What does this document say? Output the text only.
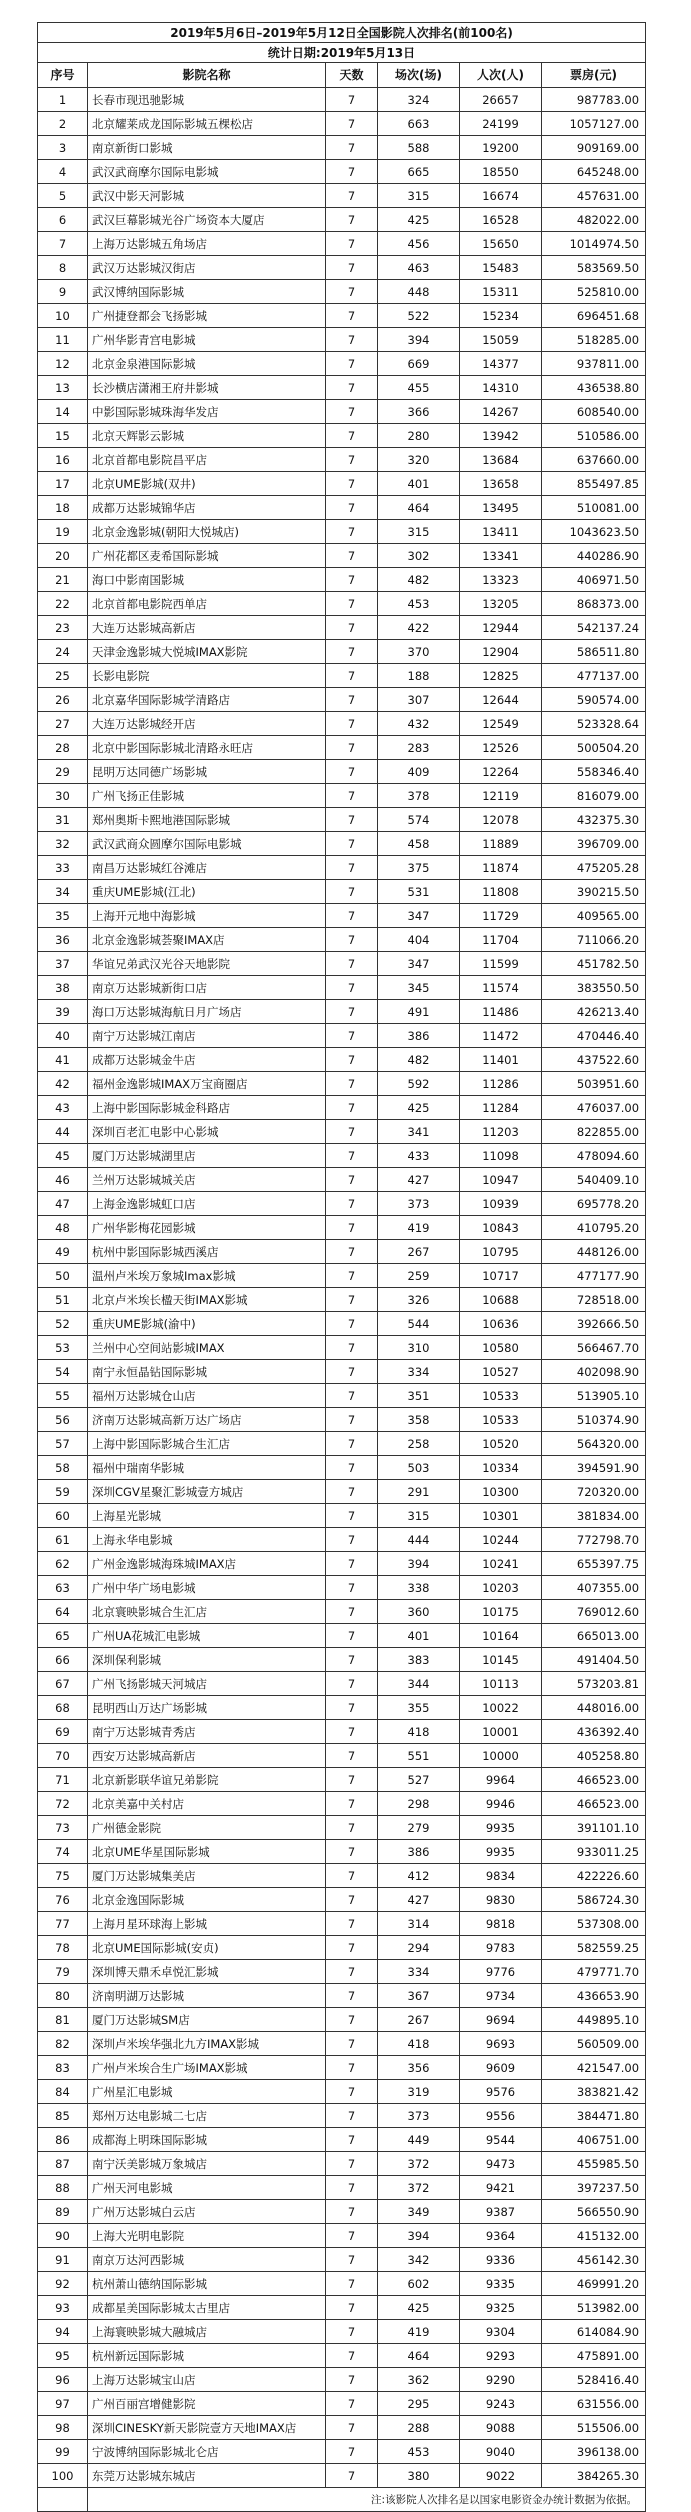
2019年5月6日–2019年5月12日全国影院人次排名(前100名)					
统计日期:2019年5月13日					
序号	影院名称	天数	场次(场)	人次(人)	票房(元)
1	长春市现迅驰影城	7	324	26657	987783.00
2	北京耀莱成龙国际影城五棵松店	7	663	24199	1057127.00
3	南京新街口影城	7	588	19200	909169.00
4	武汉武商摩尔国际电影城	7	665	18550	645248.00
5	武汉中影天河影城	7	315	16674	457631.00
6	武汉巨幕影城光谷广场资本大厦店	7	425	16528	482022.00
7	上海万达影城五角场店	7	456	15650	1014974.50
8	武汉万达影城汉街店	7	463	15483	583569.50
9	武汉博纳国际影城	7	448	15311	525810.00
10	广州捷登都会飞扬影城	7	522	15234	696451.68
11	广州华影青宫电影城	7	394	15059	518285.00
12	北京金泉港国际影城	7	669	14377	937811.00
13	长沙横店潇湘王府井影城	7	455	14310	436538.80
14	中影国际影城珠海华发店	7	366	14267	608540.00
15	北京天辉影云影城	7	280	13942	510586.00
16	北京首都电影院昌平店	7	320	13684	637660.00
17	北京UME影城(双井)	7	401	13658	855497.85
18	成都万达影城锦华店	7	464	13495	510081.00
19	北京金逸影城(朝阳大悦城店)	7	315	13411	1043623.50
20	广州花都区麦希国际影城	7	302	13341	440286.90
21	海口中影南国影城	7	482	13323	406971.50
22	北京首都电影院西单店	7	453	13205	868373.00
23	大连万达影城高新店	7	422	12944	542137.24
24	天津金逸影城大悦城IMAX影院	7	370	12904	586511.80
25	长影电影院	7	188	12825	477137.00
26	北京嘉华国际影城学清路店	7	307	12644	590574.00
27	大连万达影城经开店	7	432	12549	523328.64
28	北京中影国际影城北清路永旺店	7	283	12526	500504.20
29	昆明万达同德广场影城	7	409	12264	558346.40
30	广州飞扬正佳影城	7	378	12119	816079.00
31	郑州奥斯卡熙地港国际影城	7	574	12078	432375.30
32	武汉武商众圆摩尔国际电影城	7	458	11889	396709.00
33	南昌万达影城红谷滩店	7	375	11874	475205.28
34	重庆UME影城(江北)	7	531	11808	390215.50
35	上海开元地中海影城	7	347	11729	409565.00
36	北京金逸影城荟聚IMAX店	7	404	11704	711066.20
37	华谊兄弟武汉光谷天地影院	7	347	11599	451782.50
38	南京万达影城新街口店	7	345	11574	383550.50
39	海口万达影城海航日月广场店	7	491	11486	426213.40
40	南宁万达影城江南店	7	386	11472	470446.40
41	成都万达影城金牛店	7	482	11401	437522.60
42	福州金逸影城IMAX万宝商圈店	7	592	11286	503951.60
43	上海中影国际影城金科路店	7	425	11284	476037.00
44	深圳百老汇电影中心影城	7	341	11203	822855.00
45	厦门万达影城湖里店	7	433	11098	478094.60
46	兰州万达影城城关店	7	427	10947	540409.10
47	上海金逸影城虹口店	7	373	10939	695778.20
48	广州华影梅花园影城	7	419	10843	410795.20
49	杭州中影国际影城西溪店	7	267	10795	448126.00
50	温州卢米埃万象城Imax影城	7	259	10717	477177.90
51	北京卢米埃长楹天街IMAX影城	7	326	10688	728518.00
52	重庆UME影城(渝中)	7	544	10636	392666.50
53	兰州中心空间站影城IMAX	7	310	10580	566467.70
54	南宁永恒晶钻国际影城	7	334	10527	402098.90
55	福州万达影城仓山店	7	351	10533	513905.10
56	济南万达影城高新万达广场店	7	358	10533	510374.90
57	上海中影国际影城合生汇店	7	258	10520	564320.00
58	福州中瑞南华影城	7	503	10334	394591.90
59	深圳CGV星聚汇影城壹方城店	7	291	10300	720320.00
60	上海星光影城	7	315	10301	381834.00
61	上海永华电影城	7	444	10244	772798.70
62	广州金逸影城海珠城IMAX店	7	394	10241	655397.75
63	广州中华广场电影城	7	338	10203	407355.00
64	北京寰映影城合生汇店	7	360	10175	769012.60
65	广州UA花城汇电影城	7	401	10164	665013.00
66	深圳保利影城	7	383	10145	491404.50
67	广州飞扬影城天河城店	7	344	10113	573203.81
68	昆明西山万达广场影城	7	355	10022	448016.00
69	南宁万达影城青秀店	7	418	10001	436392.40
70	西安万达影城高新店	7	551	10000	405258.80
71	北京新影联华谊兄弟影院	7	527	9964	466523.00
72	北京美嘉中关村店	7	298	9946	466523.00
73	广州德金影院	7	279	9935	391101.10
74	北京UME华星国际影城	7	386	9935	933011.25
75	厦门万达影城集美店	7	412	9834	422226.60
76	北京金逸国际影城	7	427	9830	586724.30
77	上海月星环球海上影城	7	314	9818	537308.00
78	北京UME国际影城(安贞)	7	294	9783	582559.25
79	深圳博天鼎禾卓悦汇影城	7	334	9776	479771.70
80	济南明湖万达影城	7	367	9734	436653.90
81	厦门万达影城SM店	7	267	9694	449895.10
82	深圳卢米埃华强北九方IMAX影城	7	418	9693	560509.00
83	广州卢米埃合生广场IMAX影城	7	356	9609	421547.00
84	广州星汇电影城	7	319	9576	383821.42
85	郑州万达电影城二七店	7	373	9556	384471.80
86	成都海上明珠国际影城	7	449	9544	406751.00
87	南宁沃美影城万象城店	7	372	9473	455985.50
88	广州天河电影城	7	372	9421	397237.50
89	广州万达影城白云店	7	349	9387	566550.90
90	上海大光明电影院	7	394	9364	415132.00
91	南京万达河西影城	7	342	9336	456142.30
92	杭州萧山德纳国际影城	7	602	9335	469991.20
93	成都星美国际影城太古里店	7	425	9325	513982.00
94	上海寰映影城大融城店	7	419	9304	614084.90
95	杭州新远国际影城	7	464	9293	475891.00
96	上海万达影城宝山店	7	362	9290	528416.40
97	广州百丽宫增健影院	7	295	9243	631556.00
98	深圳CINESKY新天影院壹方天地IMAX店	7	288	9088	515506.00
99	宁波博纳国际影城北仑店	7	453	9040	396138.00
100	东莞万达影城东城店	7	380	9022	384265.30
	注:该影院人次排名是以国家电影资金办统计数据为依据。				
